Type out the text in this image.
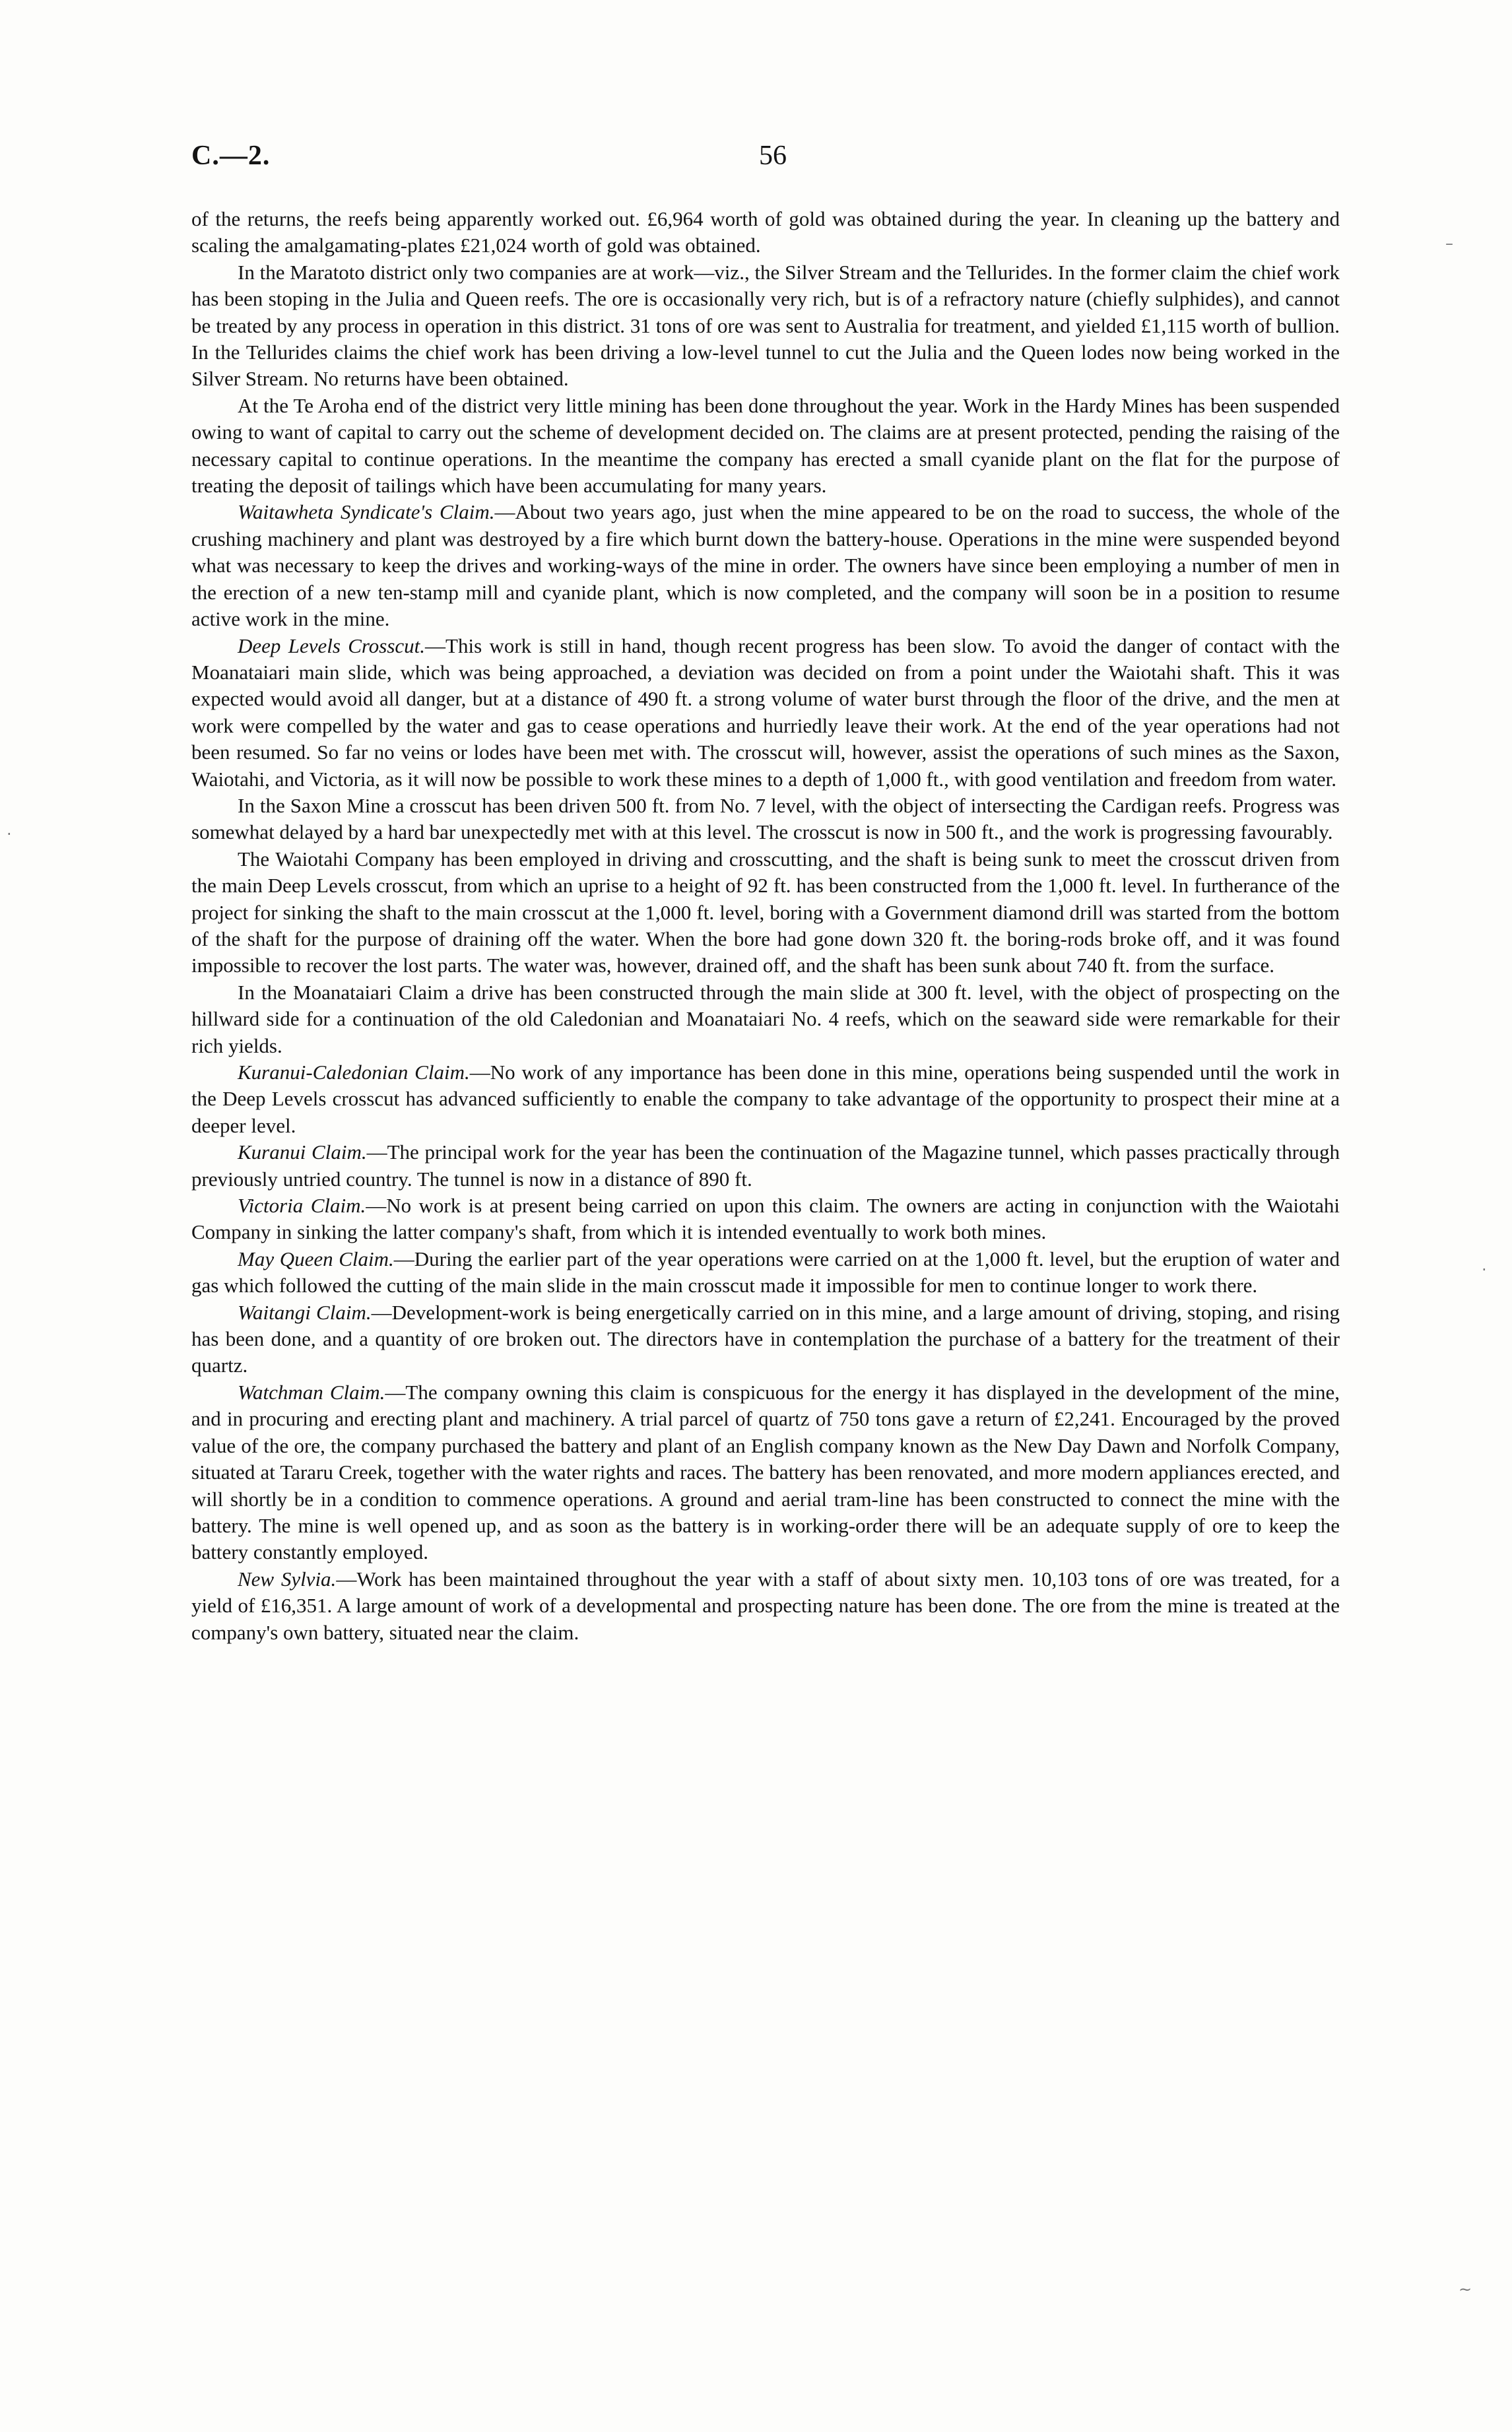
C.—2.	56

of the returns, the reefs being apparently worked out. £6,964 worth of gold was obtained during the year. In cleaning up the battery and scaling the amalgamating-plates £21,024 worth of gold was obtained.

In the Maratoto district only two companies are at work—viz., the Silver Stream and the Tellurides. In the former claim the chief work has been stoping in the Julia and Queen reefs. The ore is occasionally very rich, but is of a refractory nature (chiefly sulphides), and cannot be treated by any process in operation in this district. 31 tons of ore was sent to Australia for treatment, and yielded £1,115 worth of bullion. In the Tellurides claims the chief work has been driving a low-level tunnel to cut the Julia and the Queen lodes now being worked in the Silver Stream. No returns have been obtained.

At the Te Aroha end of the district very little mining has been done throughout the year. Work in the Hardy Mines has been suspended owing to want of capital to carry out the scheme of development decided on. The claims are at present protected, pending the raising of the necessary capital to continue operations. In the meantime the company has erected a small cyanide plant on the flat for the purpose of treating the deposit of tailings which have been accumulating for many years.

Waitawheta Syndicate's Claim.—About two years ago, just when the mine appeared to be on the road to success, the whole of the crushing machinery and plant was destroyed by a fire which burnt down the battery-house. Operations in the mine were suspended beyond what was necessary to keep the drives and working-ways of the mine in order. The owners have since been employing a number of men in the erection of a new ten-stamp mill and cyanide plant, which is now completed, and the company will soon be in a position to resume active work in the mine.

Deep Levels Crosscut.—This work is still in hand, though recent progress has been slow. To avoid the danger of contact with the Moanataiari main slide, which was being approached, a deviation was decided on from a point under the Waiotahi shaft. This it was expected would avoid all danger, but at a distance of 490 ft. a strong volume of water burst through the floor of the drive, and the men at work were compelled by the water and gas to cease operations and hurriedly leave their work. At the end of the year operations had not been resumed. So far no veins or lodes have been met with. The crosscut will, however, assist the operations of such mines as the Saxon, Waiotahi, and Victoria, as it will now be possible to work these mines to a depth of 1,000 ft., with good ventilation and freedom from water.

In the Saxon Mine a crosscut has been driven 500 ft. from No. 7 level, with the object of intersecting the Cardigan reefs. Progress was somewhat delayed by a hard bar unexpectedly met with at this level. The crosscut is now in 500 ft., and the work is progressing favourably.

The Waiotahi Company has been employed in driving and crosscutting, and the shaft is being sunk to meet the crosscut driven from the main Deep Levels crosscut, from which an uprise to a height of 92 ft. has been constructed from the 1,000 ft. level. In furtherance of the project for sinking the shaft to the main crosscut at the 1,000 ft. level, boring with a Government diamond drill was started from the bottom of the shaft for the purpose of draining off the water. When the bore had gone down 320 ft. the boring-rods broke off, and it was found impossible to recover the lost parts. The water was, however, drained off, and the shaft has been sunk about 740 ft. from the surface.

In the Moanataiari Claim a drive has been constructed through the main slide at 300 ft. level, with the object of prospecting on the hillward side for a continuation of the old Caledonian and Moanataiari No. 4 reefs, which on the seaward side were remarkable for their rich yields.

Kuranui-Caledonian Claim.—No work of any importance has been done in this mine, operations being suspended until the work in the Deep Levels crosscut has advanced sufficiently to enable the company to take advantage of the opportunity to prospect their mine at a deeper level.

Kuranui Claim.—The principal work for the year has been the continuation of the Magazine tunnel, which passes practically through previously untried country. The tunnel is now in a distance of 890 ft.

Victoria Claim.—No work is at present being carried on upon this claim. The owners are acting in conjunction with the Waiotahi Company in sinking the latter company's shaft, from which it is intended eventually to work both mines.

May Queen Claim.—During the earlier part of the year operations were carried on at the 1,000 ft. level, but the eruption of water and gas which followed the cutting of the main slide in the main crosscut made it impossible for men to continue longer to work there.

Waitangi Claim.—Development-work is being energetically carried on in this mine, and a large amount of driving, stoping, and rising has been done, and a quantity of ore broken out. The directors have in contemplation the purchase of a battery for the treatment of their quartz.

Watchman Claim.—The company owning this claim is conspicuous for the energy it has displayed in the development of the mine, and in procuring and erecting plant and machinery. A trial parcel of quartz of 750 tons gave a return of £2,241. Encouraged by the proved value of the ore, the company purchased the battery and plant of an English company known as the New Day Dawn and Norfolk Company, situated at Tararu Creek, together with the water rights and races. The battery has been renovated, and more modern appliances erected, and will shortly be in a condition to commence operations. A ground and aerial tram-line has been constructed to connect the mine with the battery. The mine is well opened up, and as soon as the battery is in working-order there will be an adequate supply of ore to keep the battery constantly employed.

New Sylvia.—Work has been maintained throughout the year with a staff of about sixty men. 10,103 tons of ore was treated, for a yield of £16,351. A large amount of work of a developmental and prospecting nature has been done. The ore from the mine is treated at the company's own battery, situated near the claim.

–
·
·
~
